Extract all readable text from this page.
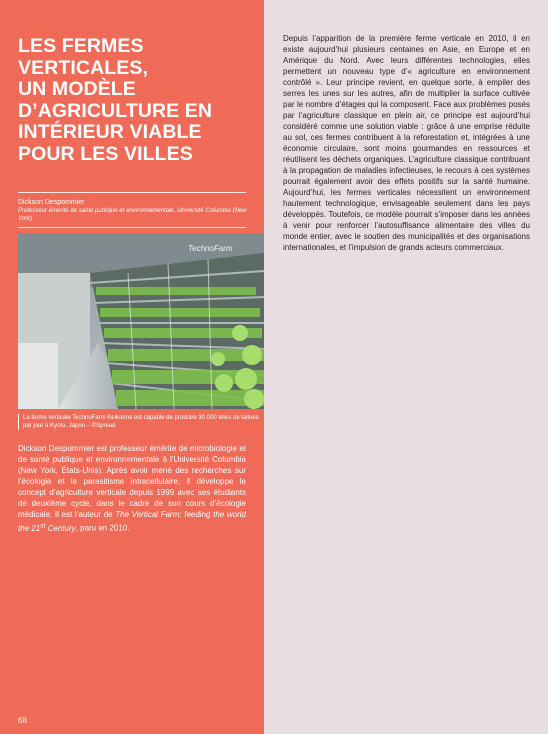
LES FERMES
VERTICALES,
UN MODÈLE
D’AGRICULTURE EN
INTÉRIEUR VIABLE
POUR LES VILLES
Dickson Despommier
Professeur émérite de santé publique et environnementale, Université Columbia (New York)
TechnoFarm
La ferme verticale TechnoFarm Keikanna est capable de produire 30 000 têtes de laitues par jour à Kyoto, Japon – ©Spread

Dickson Despommier est professeur émérite de microbiologie et de santé publique et environnementale à l’Université Columbia (New York, États-Unis). Après avoir mené des recherches sur l’écologie et le parasitisme intracellulaire, il développe le concept d’agriculture verticale depuis 1999 avec ses étudiants de deuxième cycle, dans le cadre de son cours d’écologie médicale. Il est l’auteur de The Vertical Farm: feeding the world the 21st Century, paru en 2010.

68

Depuis l’apparition de la première ferme verticale en 2010, il en existe aujourd’hui plusieurs centaines en Asie, en Europe et en Amérique du Nord. Avec leurs différentes technologies, elles permettent un nouveau type d’« agriculture en environnement contrôlé ». Leur principe revient, en quelque sorte, à empiler des serres les unes sur les autres, afin de multiplier la surface cultivée par le nombre d’étages qui la composent. Face aux problèmes posés par l’agriculture classique en plein air, ce principe est aujourd’hui considéré comme une solution viable : grâce à une emprise réduite au sol, ces fermes contribuent à la reforestation et, intégrées à une économie circulaire, sont moins gourmandes en ressources et réutilisent les déchets organiques. L’agriculture classique contribuant à la propagation de maladies infectieuses, le recours à ces systèmes pourrait également avoir des effets positifs sur la santé humaine. Aujourd’hui, les fermes verticales nécessitent un environnement hautement technologique, envisageable seulement dans les pays développés. Toutefois, ce modèle pourrait s’imposer dans les années à venir pour renforcer l’autosuffisance alimentaire des villes du monde entier, avec le soutien des municipalités et des organisations internationales, et l’impulsion de grands acteurs commerciaux.
